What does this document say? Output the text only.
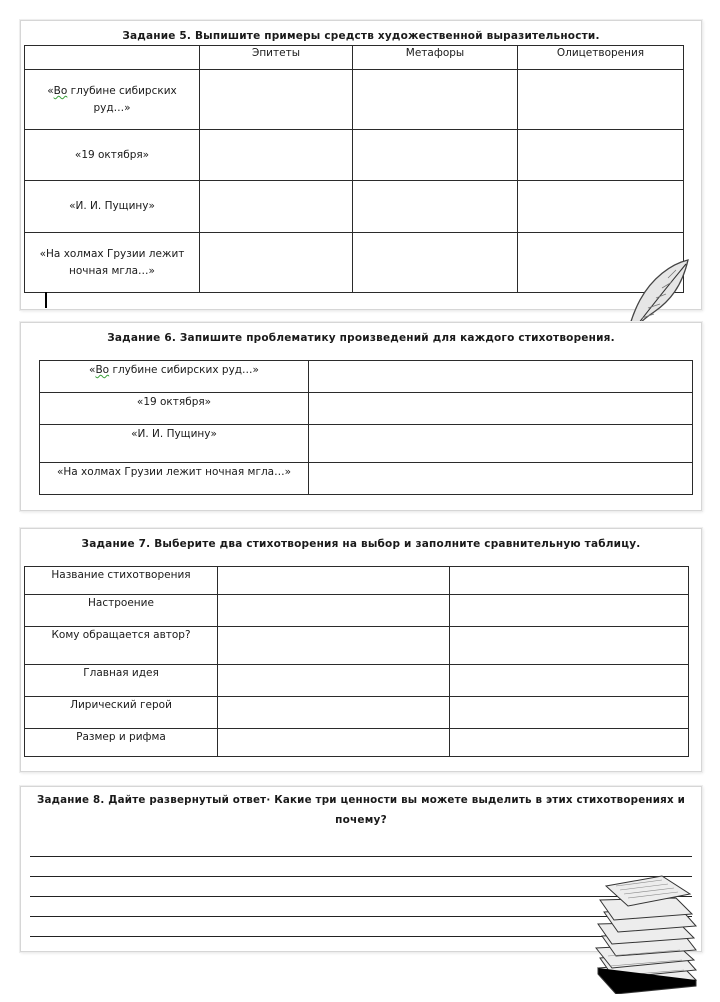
Задание 5. Выпишите примеры средств художественной выразительности.
	Эпитеты	Метафоры	Олицетворения
«Во глубине сибирских руд…»			
«19 октября»			
«И. И. Пущину»			
«На холмах Грузии лежит ночная мгла…»			
Задание 6. Запишите проблематику произведений для каждого стихотворения.
«Во глубине сибирских руд…»	
«19 октября»	
«И. И. Пущину»	
«На холмах Грузии лежит ночная мгла…»	
Задание 7. Выберите два стихотворения на выбор и заполните сравнительную таблицу.
Название стихотворения		
Настроение		
Кому обращается автор?		
Главная идея		
Лирический герой		
Размер и рифма		
Задание 8. Дайте развернутый ответ· Какие три ценности вы можете выделить в этих стихотворениях и
почему?
